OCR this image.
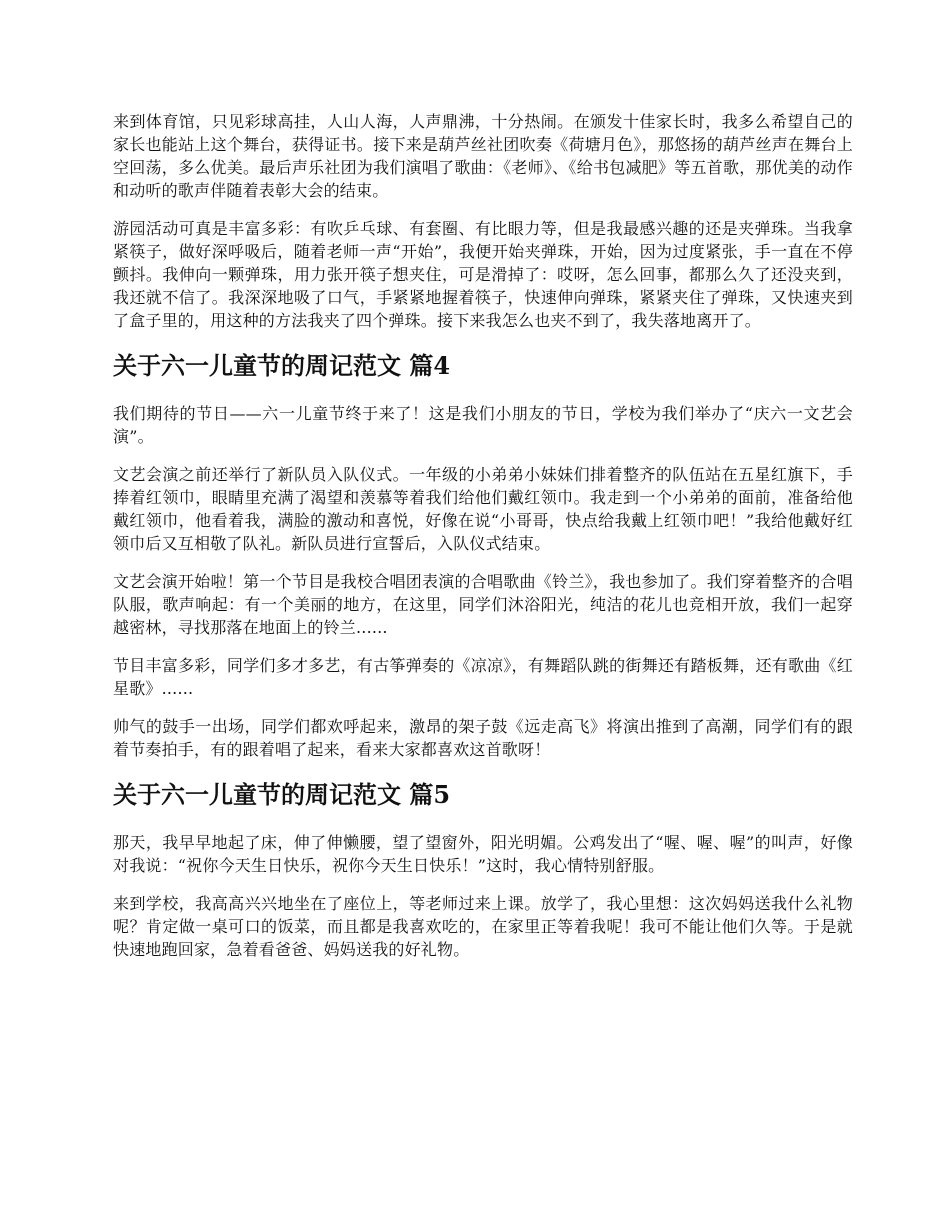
来到体育馆，只见彩球高挂，人山人海，人声鼎沸，十分热闹。在颁发十佳家长时，我多么希望自己的家长也能站上这个舞台，获得证书。接下来是葫芦丝社团吹奏《荷塘月色》，那悠扬的葫芦丝声在舞台上空回荡，多么优美。最后声乐社团为我们演唱了歌曲：《老师》、《给书包减肥》等五首歌，那优美的动作和动听的歌声伴随着表彰大会的结束。

游园活动可真是丰富多彩：有吹乒乓球、有套圈、有比眼力等，但是我最感兴趣的还是夹弹珠。当我拿紧筷子，做好深呼吸后，随着老师一声“开始”，我便开始夹弹珠，开始，因为过度紧张，手一直在不停颤抖。我伸向一颗弹珠，用力张开筷子想夹住，可是滑掉了：哎呀，怎么回事，都那么久了还没夹到，我还就不信了。我深深地吸了口气，手紧紧地握着筷子，快速伸向弹珠，紧紧夹住了弹珠，又快速夹到了盒子里的，用这种的方法我夹了四个弹珠。接下来我怎么也夹不到了，我失落地离开了。

关于六一儿童节的周记范文 篇4

我们期待的节日——六一儿童节终于来了！这是我们小朋友的节日，学校为我们举办了“庆六一文艺会演”。

文艺会演之前还举行了新队员入队仪式。一年级的小弟弟小妹妹们排着整齐的队伍站在五星红旗下，手捧着红领巾，眼睛里充满了渴望和羡慕等着我们给他们戴红领巾。我走到一个小弟弟的面前，准备给他戴红领巾，他看着我，满脸的激动和喜悦，好像在说“小哥哥，快点给我戴上红领巾吧！”我给他戴好红领巾后又互相敬了队礼。新队员进行宣誓后，入队仪式结束。

文艺会演开始啦！第一个节目是我校合唱团表演的合唱歌曲《铃兰》，我也参加了。我们穿着整齐的合唱队服，歌声响起：有一个美丽的地方，在这里，同学们沐浴阳光，纯洁的花儿也竞相开放，我们一起穿越密林，寻找那落在地面上的铃兰......

节目丰富多彩，同学们多才多艺，有古筝弹奏的《凉凉》，有舞蹈队跳的街舞还有踏板舞，还有歌曲《红星歌》......

帅气的鼓手一出场，同学们都欢呼起来，激昂的架子鼓《远走高飞》将演出推到了高潮，同学们有的跟着节奏拍手，有的跟着唱了起来，看来大家都喜欢这首歌呀！

关于六一儿童节的周记范文 篇5

那天，我早早地起了床，伸了伸懒腰，望了望窗外，阳光明媚。公鸡发出了“喔、喔、喔”的叫声，好像对我说：“祝你今天生日快乐，祝你今天生日快乐！”这时，我心情特别舒服。

来到学校，我高高兴兴地坐在了座位上，等老师过来上课。放学了，我心里想：这次妈妈送我什么礼物呢？肯定做一桌可口的饭菜，而且都是我喜欢吃的，在家里正等着我呢！我可不能让他们久等。于是就快速地跑回家，急着看爸爸、妈妈送我的好礼物。
